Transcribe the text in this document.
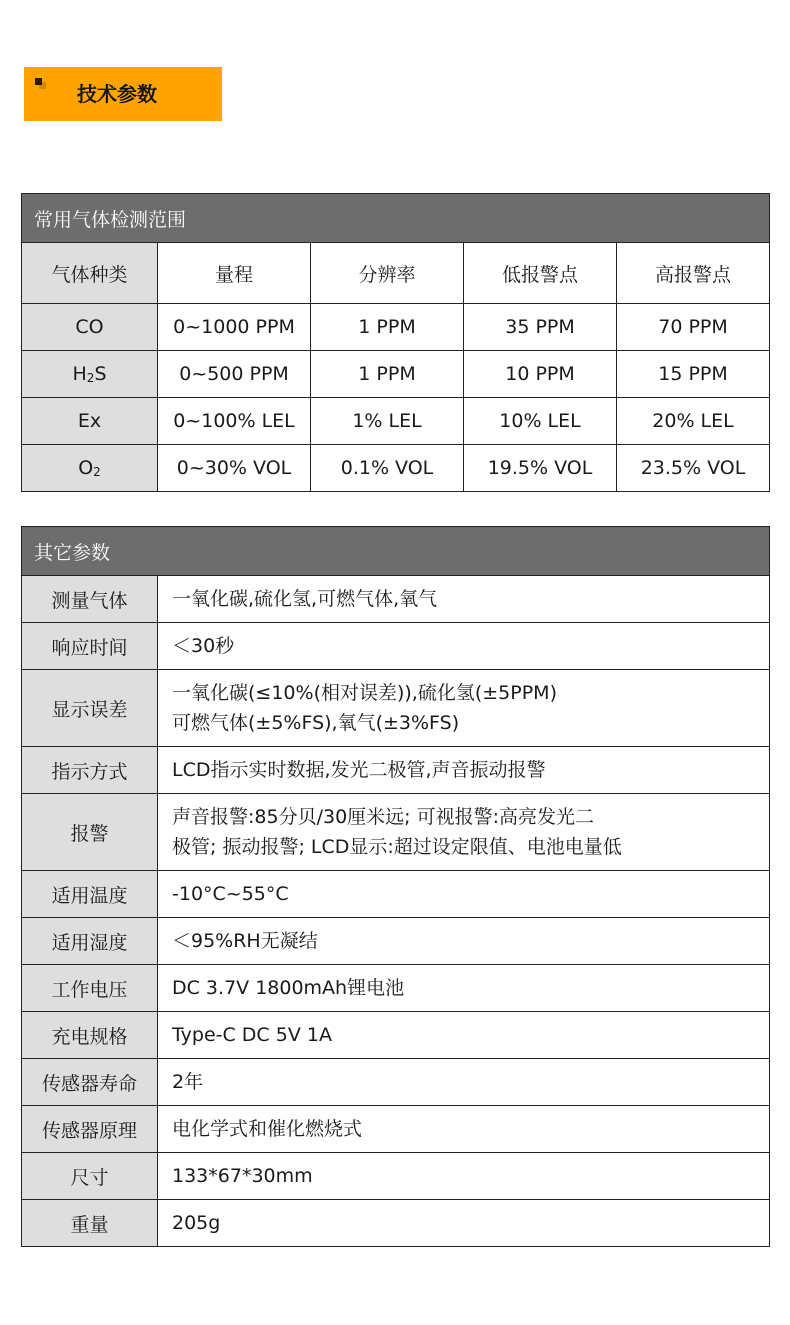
技术参数
常用气体检测范围				
气体种类	量程	分辨率	低报警点	高报警点
CO	0~1000 PPM	1 PPM	35 PPM	70 PPM
$H_2S$	0~500 PPM	1 PPM	10 PPM	15 PPM
Ex	0~100% LEL	1% LEL	10% LEL	20% LEL
$O_2$	0~30% VOL	0.1% VOL	19.5% VOL	23.5% VOL
其它参数	
测量气体	一氧化碳,硫化氢,可燃气体,氧气
响应时间	＜30秒
显示误差	一氧化碳(≤10%(相对误差)),硫化氢(±5PPM)
可燃气体(±5%FS),氧气(±3%FS)

指示方式	LCD指示实时数据,发光二极管,声音振动报警
报警	声音报警:85分贝/30厘米远; 可视报警:高亮发光二
极管; 振动报警; LCD显示:超过设定限值、电池电量低

适用温度	-10°C~55°C
适用湿度	＜95%RH无凝结
工作电压	DC 3.7V 1800mAh锂电池
充电规格	Type-C DC 5V 1A
传感器寿命	2年
传感器原理	电化学式和催化燃烧式
尺寸	133*67*30mm
重量	205g
